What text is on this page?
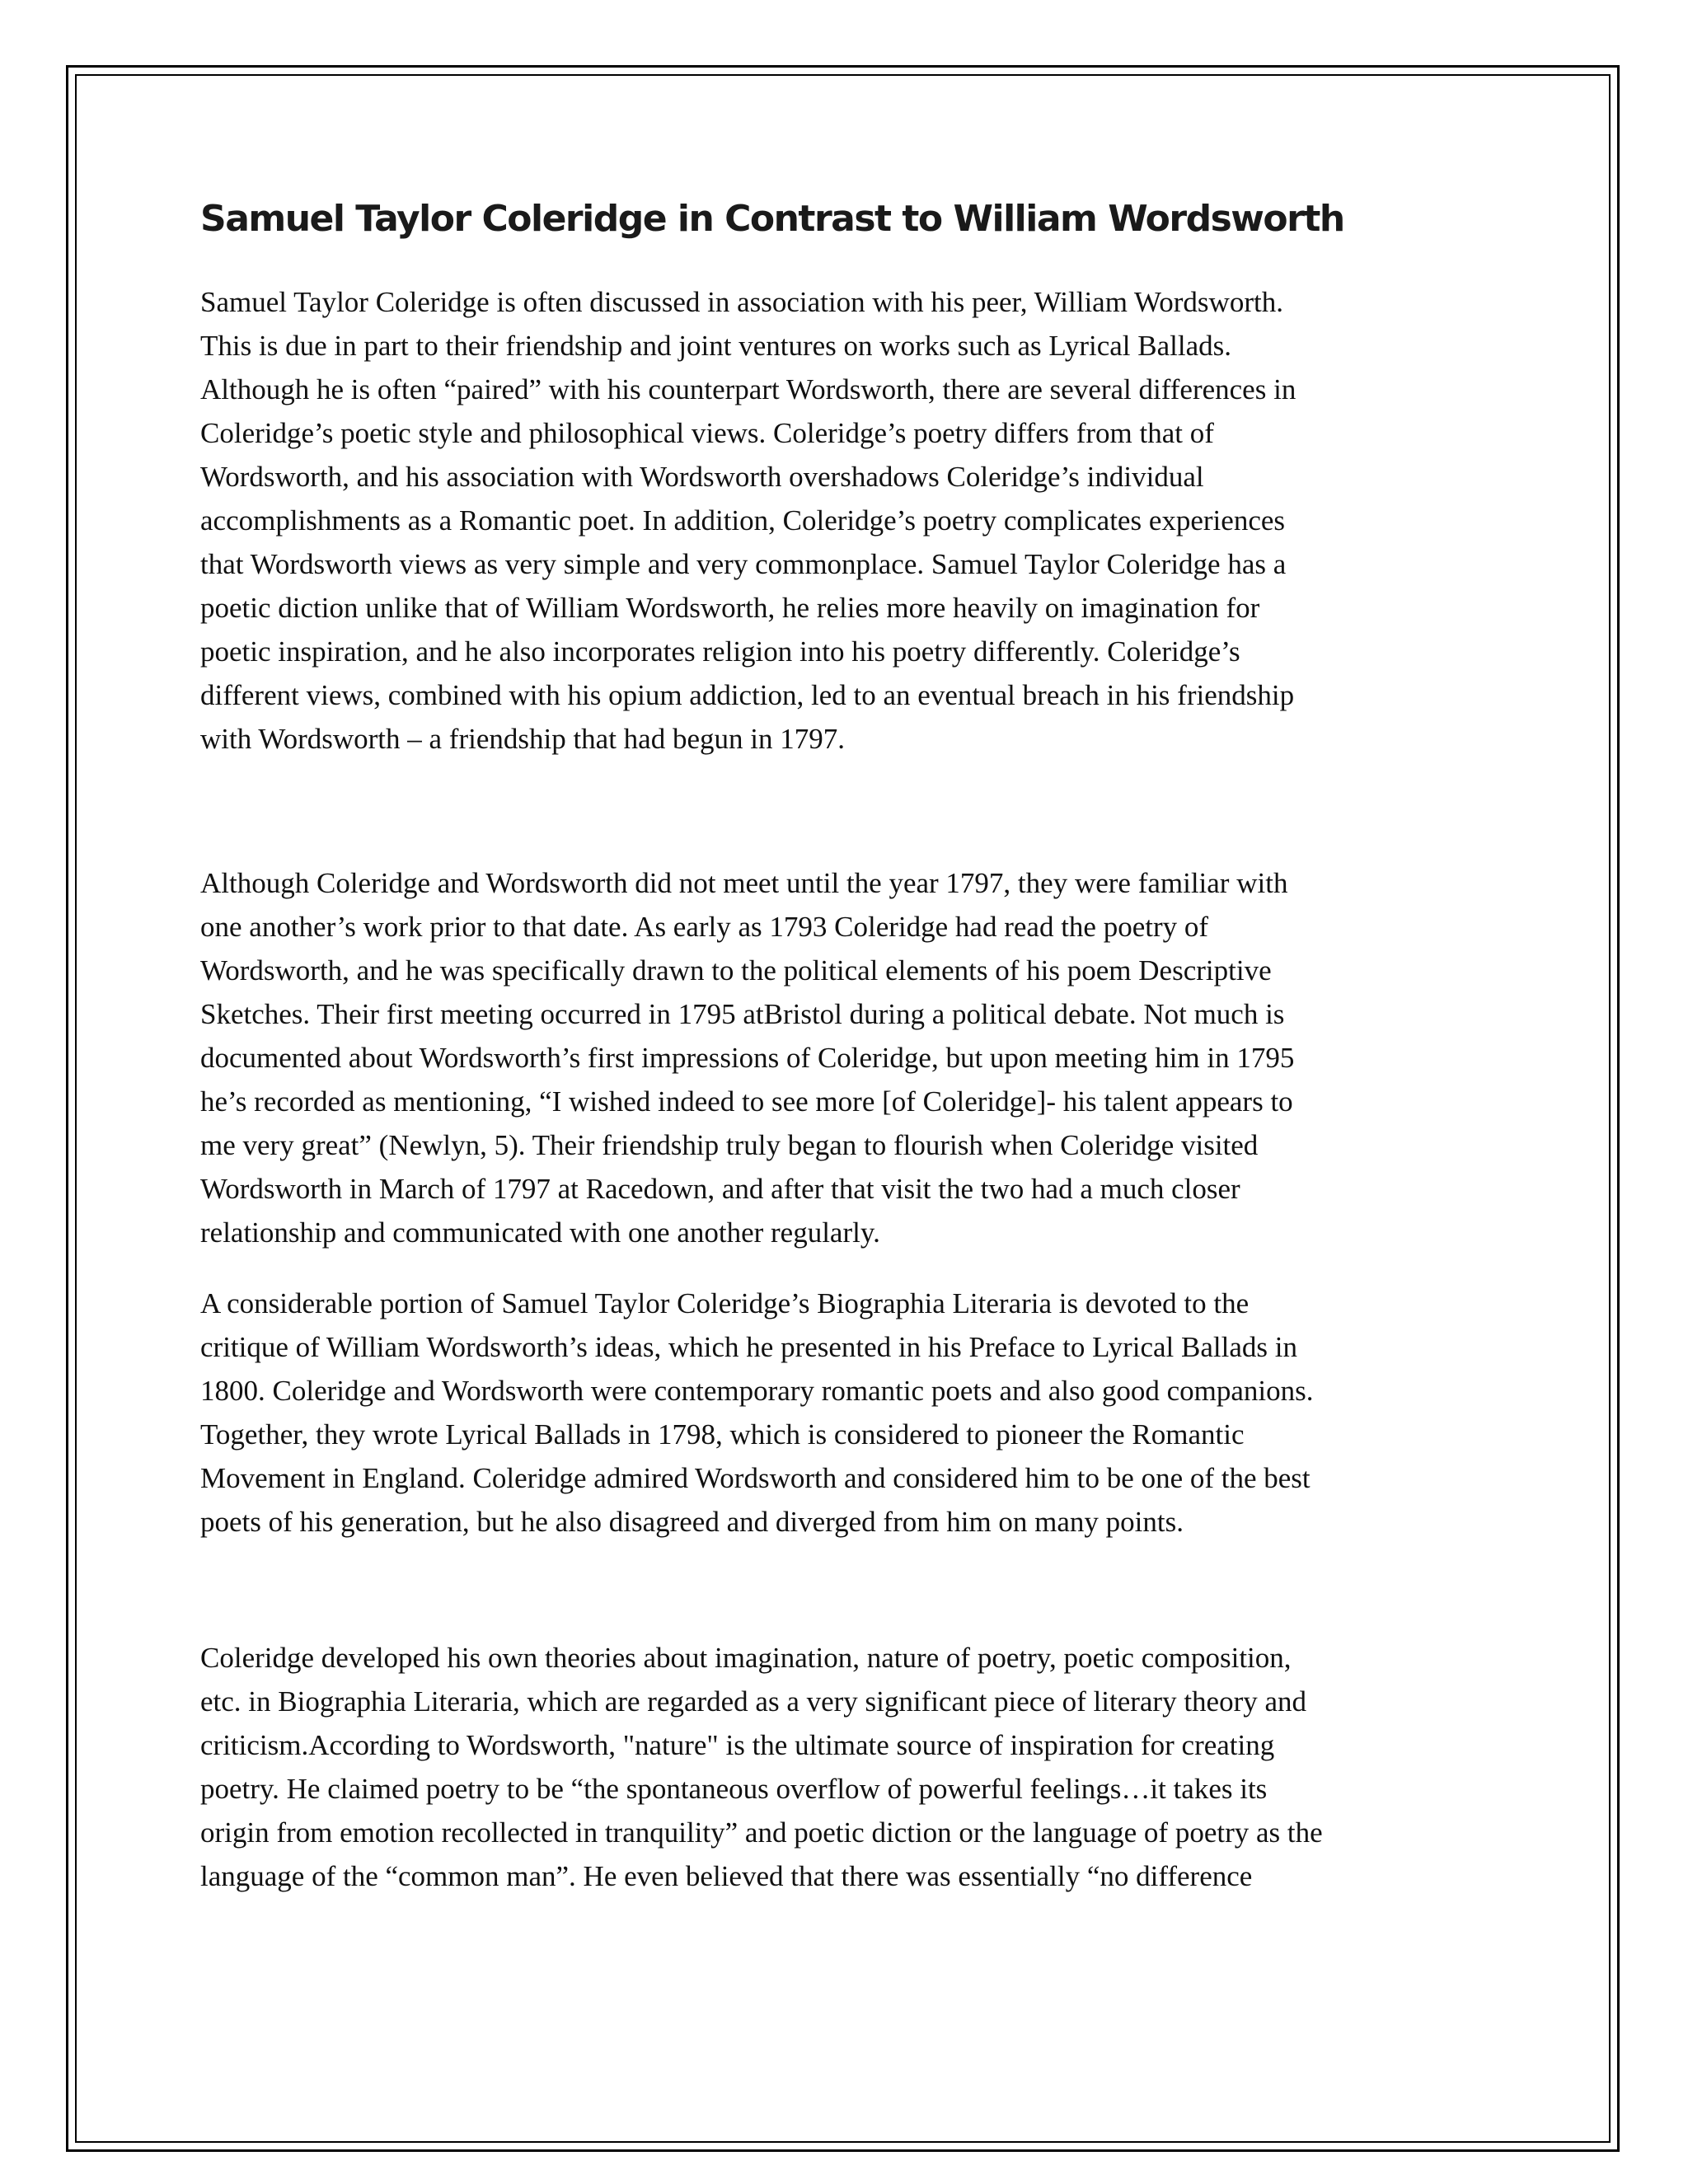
Samuel Taylor Coleridge in Contrast to William Wordsworth

Samuel Taylor Coleridge is often discussed in association with his peer, William Wordsworth.
This is due in part to their friendship and joint ventures on works such as Lyrical Ballads.
Although he is often “paired” with his counterpart Wordsworth, there are several differences in
Coleridge’s poetic style and philosophical views. Coleridge’s poetry differs from that of
Wordsworth, and his association with Wordsworth overshadows Coleridge’s individual
accomplishments as a Romantic poet. In addition, Coleridge’s poetry complicates experiences
that Wordsworth views as very simple and very commonplace. Samuel Taylor Coleridge has a
poetic diction unlike that of William Wordsworth, he relies more heavily on imagination for
poetic inspiration, and he also incorporates religion into his poetry differently. Coleridge’s
different views, combined with his opium addiction, led to an eventual breach in his friendship
with Wordsworth – a friendship that had begun in 1797.

Although Coleridge and Wordsworth did not meet until the year 1797, they were familiar with
one another’s work prior to that date. As early as 1793 Coleridge had read the poetry of
Wordsworth, and he was specifically drawn to the political elements of his poem Descriptive
Sketches. Their first meeting occurred in 1795 atBristol during a political debate. Not much is
documented about Wordsworth’s first impressions of Coleridge, but upon meeting him in 1795
he’s recorded as mentioning, “I wished indeed to see more [of Coleridge]- his talent appears to
me very great” (Newlyn, 5). Their friendship truly began to flourish when Coleridge visited
Wordsworth in March of 1797 at Racedown, and after that visit the two had a much closer
relationship and communicated with one another regularly.

A considerable portion of Samuel Taylor Coleridge’s Biographia Literaria is devoted to the
critique of William Wordsworth’s ideas, which he presented in his Preface to Lyrical Ballads in
1800. Coleridge and Wordsworth were contemporary romantic poets and also good companions.
Together, they wrote Lyrical Ballads in 1798, which is considered to pioneer the Romantic
Movement in England. Coleridge admired Wordsworth and considered him to be one of the best
poets of his generation, but he also disagreed and diverged from him on many points.

Coleridge developed his own theories about imagination, nature of poetry, poetic composition,
etc. in Biographia Literaria, which are regarded as a very significant piece of literary theory and
criticism.According to Wordsworth, "nature" is the ultimate source of inspiration for creating
poetry. He claimed poetry to be “the spontaneous overflow of powerful feelings…it takes its
origin from emotion recollected in tranquility” and poetic diction or the language of poetry as the
language of the “common man”. He even believed that there was essentially “no difference
